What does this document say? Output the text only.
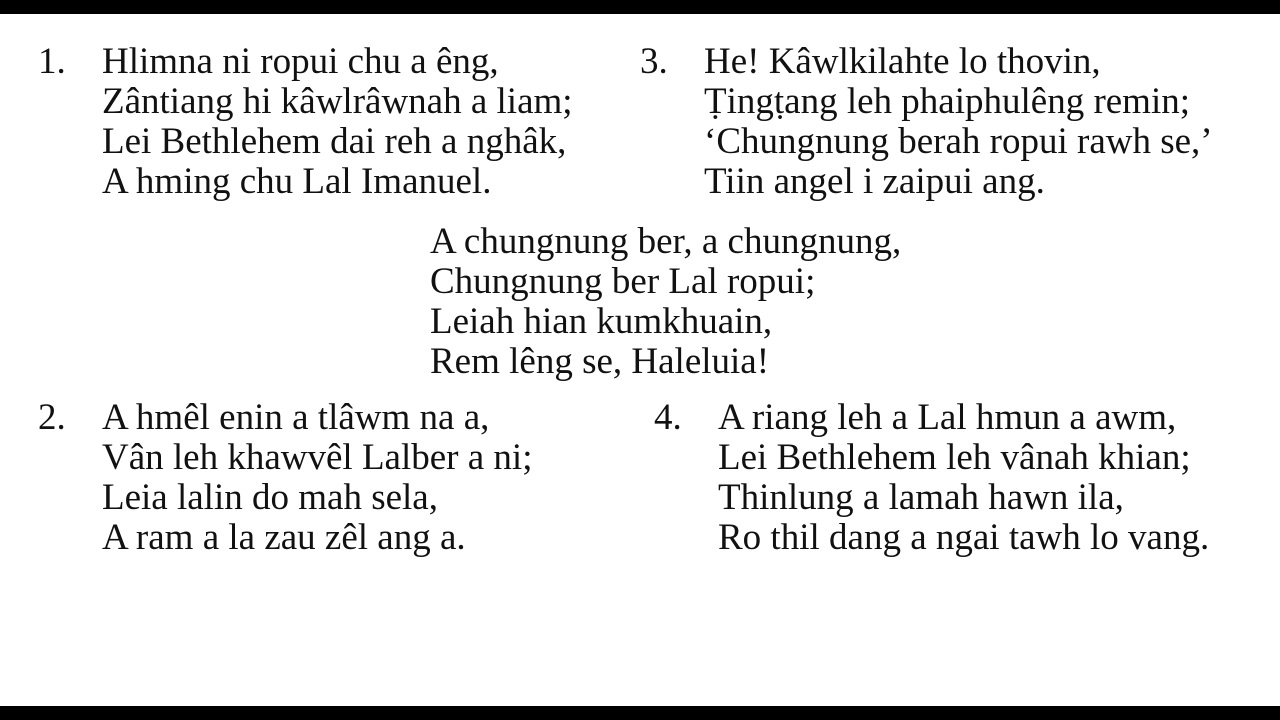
1. Hlimna ni ropui chu a êng,
Zântiang hi kâwlrâwnah a liam;
Lei Bethlehem dai reh a nghâk,
A hming chu Lal Imanuel.
3. He! Kâwlkilahte lo thovin,
Ṭingṭang leh phaiphulêng remin;
‘Chungnung berah ropui rawh se,’
Tiin angel i zaipui ang.
A chungnung ber, a chungnung,
Chungnung ber Lal ropui;
Leiah hian kumkhuain,
Rem lêng se, Haleluia!
2. A hmêl enin a tlâwm na a,
Vân leh khawvêl Lalber a ni;
Leia lalin do mah sela,
A ram a la zau zêl ang a.
4. A riang leh a Lal hmun a awm,
Lei Bethlehem leh vânah khian;
Thinlung a lamah hawn ila,
Ro thil dang a ngai tawh lo vang.
